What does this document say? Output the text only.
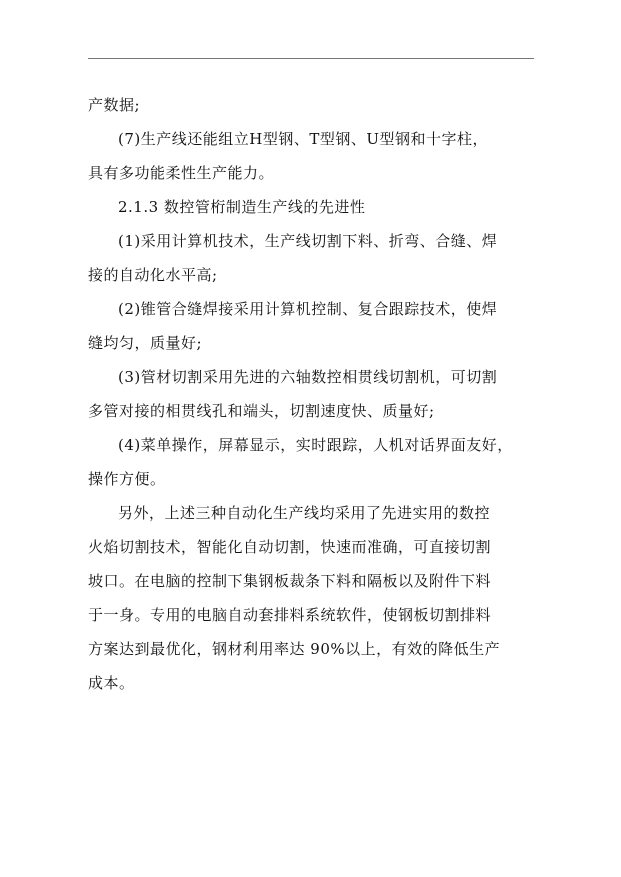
产数据;
(7)生产线还能组立H型钢、T型钢、U型钢和十字柱，
具有多功能柔性生产能力。
2.1.3 数控管桁制造生产线的先进性
(1)采用计算机技术，生产线切割下料、折弯、合缝、焊
接的自动化水平高;
(2)锥管合缝焊接采用计算机控制、复合跟踪技术，使焊
缝均匀，质量好;
(3)管材切割采用先进的六轴数控相贯线切割机，可切割
多管对接的相贯线孔和端头，切割速度快、质量好;
(4)菜单操作，屏幕显示，实时跟踪，人机对话界面友好，
操作方便。
另外，上述三种自动化生产线均采用了先进实用的数控
火焰切割技术，智能化自动切割，快速而准确，可直接切割
坡口。在电脑的控制下集钢板裁条下料和隔板以及附件下料
于一身。专用的电脑自动套排料系统软件，使钢板切割排料
方案达到最优化，钢材利用率达 90%以上，有效的降低生产
成本。
